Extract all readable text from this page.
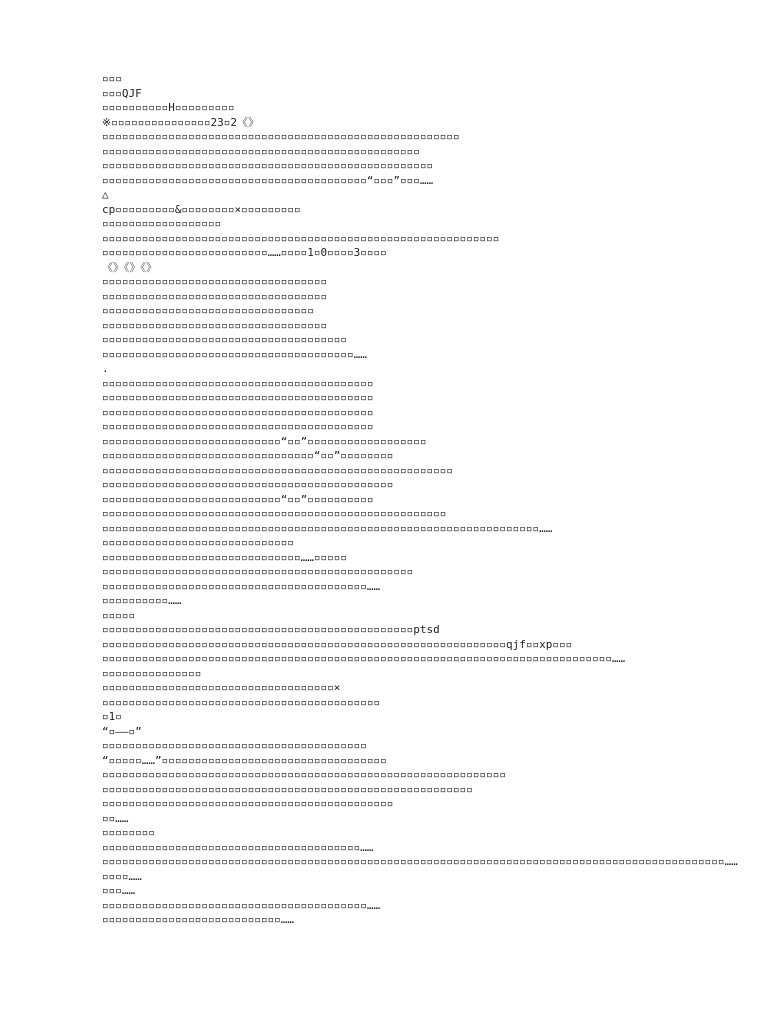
▫▫▫
▫▫▫QJF
▫▫▫▫▫▫▫▫▫▫H▫▫▫▫▫▫▫▫▫
※▫▫▫▫▫▫▫▫▫▫▫▫▫▫▫23▫2《》
▫▫▫▫▫▫▫▫▫▫▫▫▫▫▫▫▫▫▫▫▫▫▫▫▫▫▫▫▫▫▫▫▫▫▫▫▫▫▫▫▫▫▫▫▫▫▫▫▫▫▫▫▫▫
▫▫▫▫▫▫▫▫▫▫▫▫▫▫▫▫▫▫▫▫▫▫▫▫▫▫▫▫▫▫▫▫▫▫▫▫▫▫▫▫▫▫▫▫▫▫▫▫
▫▫▫▫▫▫▫▫▫▫▫▫▫▫▫▫▫▫▫▫▫▫▫▫▫▫▫▫▫▫▫▫▫▫▫▫▫▫▫▫▫▫▫▫▫▫▫▫▫▫
▫▫▫▫▫▫▫▫▫▫▫▫▫▫▫▫▫▫▫▫▫▫▫▫▫▫▫▫▫▫▫▫▫▫▫▫▫▫▫▫“▫▫▫”▫▫▫……
△
cp▫▫▫▫▫▫▫▫▫&▫▫▫▫▫▫▫▫×▫▫▫▫▫▫▫▫▫
▫▫▫▫▫▫▫▫▫▫▫▫▫▫▫▫▫▫
▫▫▫▫▫▫▫▫▫▫▫▫▫▫▫▫▫▫▫▫▫▫▫▫▫▫▫▫▫▫▫▫▫▫▫▫▫▫▫▫▫▫▫▫▫▫▫▫▫▫▫▫▫▫▫▫▫▫▫▫
▫▫▫▫▫▫▫▫▫▫▫▫▫▫▫▫▫▫▫▫▫▫▫▫▫……▫▫▫▫1▫0▫▫▫▫3▫▫▫▫
《》《》《》
▫▫▫▫▫▫▫▫▫▫▫▫▫▫▫▫▫▫▫▫▫▫▫▫▫▫▫▫▫▫▫▫▫▫
▫▫▫▫▫▫▫▫▫▫▫▫▫▫▫▫▫▫▫▫▫▫▫▫▫▫▫▫▫▫▫▫▫▫
▫▫▫▫▫▫▫▫▫▫▫▫▫▫▫▫▫▫▫▫▫▫▫▫▫▫▫▫▫▫▫▫
▫▫▫▫▫▫▫▫▫▫▫▫▫▫▫▫▫▫▫▫▫▫▫▫▫▫▫▫▫▫▫▫▫▫
▫▫▫▫▫▫▫▫▫▫▫▫▫▫▫▫▫▫▫▫▫▫▫▫▫▫▫▫▫▫▫▫▫▫▫▫▫
▫▫▫▫▫▫▫▫▫▫▫▫▫▫▫▫▫▫▫▫▫▫▫▫▫▫▫▫▫▫▫▫▫▫▫▫▫▫……
.
▫▫▫▫▫▫▫▫▫▫▫▫▫▫▫▫▫▫▫▫▫▫▫▫▫▫▫▫▫▫▫▫▫▫▫▫▫▫▫▫▫
▫▫▫▫▫▫▫▫▫▫▫▫▫▫▫▫▫▫▫▫▫▫▫▫▫▫▫▫▫▫▫▫▫▫▫▫▫▫▫▫▫
▫▫▫▫▫▫▫▫▫▫▫▫▫▫▫▫▫▫▫▫▫▫▫▫▫▫▫▫▫▫▫▫▫▫▫▫▫▫▫▫▫
▫▫▫▫▫▫▫▫▫▫▫▫▫▫▫▫▫▫▫▫▫▫▫▫▫▫▫▫▫▫▫▫▫▫▫▫▫▫▫▫▫
▫▫▫▫▫▫▫▫▫▫▫▫▫▫▫▫▫▫▫▫▫▫▫▫▫▫▫“▫▫”▫▫▫▫▫▫▫▫▫▫▫▫▫▫▫▫▫▫
▫▫▫▫▫▫▫▫▫▫▫▫▫▫▫▫▫▫▫▫▫▫▫▫▫▫▫▫▫▫▫▫“▫▫”▫▫▫▫▫▫▫▫
▫▫▫▫▫▫▫▫▫▫▫▫▫▫▫▫▫▫▫▫▫▫▫▫▫▫▫▫▫▫▫▫▫▫▫▫▫▫▫▫▫▫▫▫▫▫▫▫▫▫▫▫▫
▫▫▫▫▫▫▫▫▫▫▫▫▫▫▫▫▫▫▫▫▫▫▫▫▫▫▫▫▫▫▫▫▫▫▫▫▫▫▫▫▫▫▫▫
▫▫▫▫▫▫▫▫▫▫▫▫▫▫▫▫▫▫▫▫▫▫▫▫▫▫▫“▫▫”▫▫▫▫▫▫▫▫▫▫
▫▫▫▫▫▫▫▫▫▫▫▫▫▫▫▫▫▫▫▫▫▫▫▫▫▫▫▫▫▫▫▫▫▫▫▫▫▫▫▫▫▫▫▫▫▫▫▫▫▫▫▫
▫▫▫▫▫▫▫▫▫▫▫▫▫▫▫▫▫▫▫▫▫▫▫▫▫▫▫▫▫▫▫▫▫▫▫▫▫▫▫▫▫▫▫▫▫▫▫▫▫▫▫▫▫▫▫▫▫▫▫▫▫▫▫▫▫▫……
▫▫▫▫▫▫▫▫▫▫▫▫▫▫▫▫▫▫▫▫▫▫▫▫▫▫▫▫▫
▫▫▫▫▫▫▫▫▫▫▫▫▫▫▫▫▫▫▫▫▫▫▫▫▫▫▫▫▫▫……▫▫▫▫▫
▫▫▫▫▫▫▫▫▫▫▫▫▫▫▫▫▫▫▫▫▫▫▫▫▫▫▫▫▫▫▫▫▫▫▫▫▫▫▫▫▫▫▫▫▫▫▫
▫▫▫▫▫▫▫▫▫▫▫▫▫▫▫▫▫▫▫▫▫▫▫▫▫▫▫▫▫▫▫▫▫▫▫▫▫▫▫▫……
▫▫▫▫▫▫▫▫▫▫……
▫▫▫▫▫
▫▫▫▫▫▫▫▫▫▫▫▫▫▫▫▫▫▫▫▫▫▫▫▫▫▫▫▫▫▫▫▫▫▫▫▫▫▫▫▫▫▫▫▫▫▫▫ptsd
▫▫▫▫▫▫▫▫▫▫▫▫▫▫▫▫▫▫▫▫▫▫▫▫▫▫▫▫▫▫▫▫▫▫▫▫▫▫▫▫▫▫▫▫▫▫▫▫▫▫▫▫▫▫▫▫▫▫▫▫▫qjf▫▫xp▫▫▫
▫▫▫▫▫▫▫▫▫▫▫▫▫▫▫▫▫▫▫▫▫▫▫▫▫▫▫▫▫▫▫▫▫▫▫▫▫▫▫▫▫▫▫▫▫▫▫▫▫▫▫▫▫▫▫▫▫▫▫▫▫▫▫▫▫▫▫▫▫▫▫▫▫▫▫▫▫……
▫▫▫▫▫▫▫▫▫▫▫▫▫▫▫
▫▫▫▫▫▫▫▫▫▫▫▫▫▫▫▫▫▫▫▫▫▫▫▫▫▫▫▫▫▫▫▫▫▫▫×
▫▫▫▫▫▫▫▫▫▫▫▫▫▫▫▫▫▫▫▫▫▫▫▫▫▫▫▫▫▫▫▫▫▫▫▫▫▫▫▫▫▫
▫1▫
“▫——▫”
▫▫▫▫▫▫▫▫▫▫▫▫▫▫▫▫▫▫▫▫▫▫▫▫▫▫▫▫▫▫▫▫▫▫▫▫▫▫▫▫
“▫▫▫▫▫……”▫▫▫▫▫▫▫▫▫▫▫▫▫▫▫▫▫▫▫▫▫▫▫▫▫▫▫▫▫▫▫▫▫▫
▫▫▫▫▫▫▫▫▫▫▫▫▫▫▫▫▫▫▫▫▫▫▫▫▫▫▫▫▫▫▫▫▫▫▫▫▫▫▫▫▫▫▫▫▫▫▫▫▫▫▫▫▫▫▫▫▫▫▫▫▫
▫▫▫▫▫▫▫▫▫▫▫▫▫▫▫▫▫▫▫▫▫▫▫▫▫▫▫▫▫▫▫▫▫▫▫▫▫▫▫▫▫▫▫▫▫▫▫▫▫▫▫▫▫▫▫▫
▫▫▫▫▫▫▫▫▫▫▫▫▫▫▫▫▫▫▫▫▫▫▫▫▫▫▫▫▫▫▫▫▫▫▫▫▫▫▫▫▫▫▫▫
▫▫……
▫▫▫▫▫▫▫▫
▫▫▫▫▫▫▫▫▫▫▫▫▫▫▫▫▫▫▫▫▫▫▫▫▫▫▫▫▫▫▫▫▫▫▫▫▫▫▫……
▫▫▫▫▫▫▫▫▫▫▫▫▫▫▫▫▫▫▫▫▫▫▫▫▫▫▫▫▫▫▫▫▫▫▫▫▫▫▫▫▫▫▫▫▫▫▫▫▫▫▫▫▫▫▫▫▫▫▫▫▫▫▫▫▫▫▫▫▫▫▫▫▫▫▫▫▫▫▫▫▫▫▫▫▫▫▫▫▫▫▫▫▫▫……
▫▫▫▫……
▫▫▫……
▫▫▫▫▫▫▫▫▫▫▫▫▫▫▫▫▫▫▫▫▫▫▫▫▫▫▫▫▫▫▫▫▫▫▫▫▫▫▫▫……
▫▫▫▫▫▫▫▫▫▫▫▫▫▫▫▫▫▫▫▫▫▫▫▫▫▫▫……
